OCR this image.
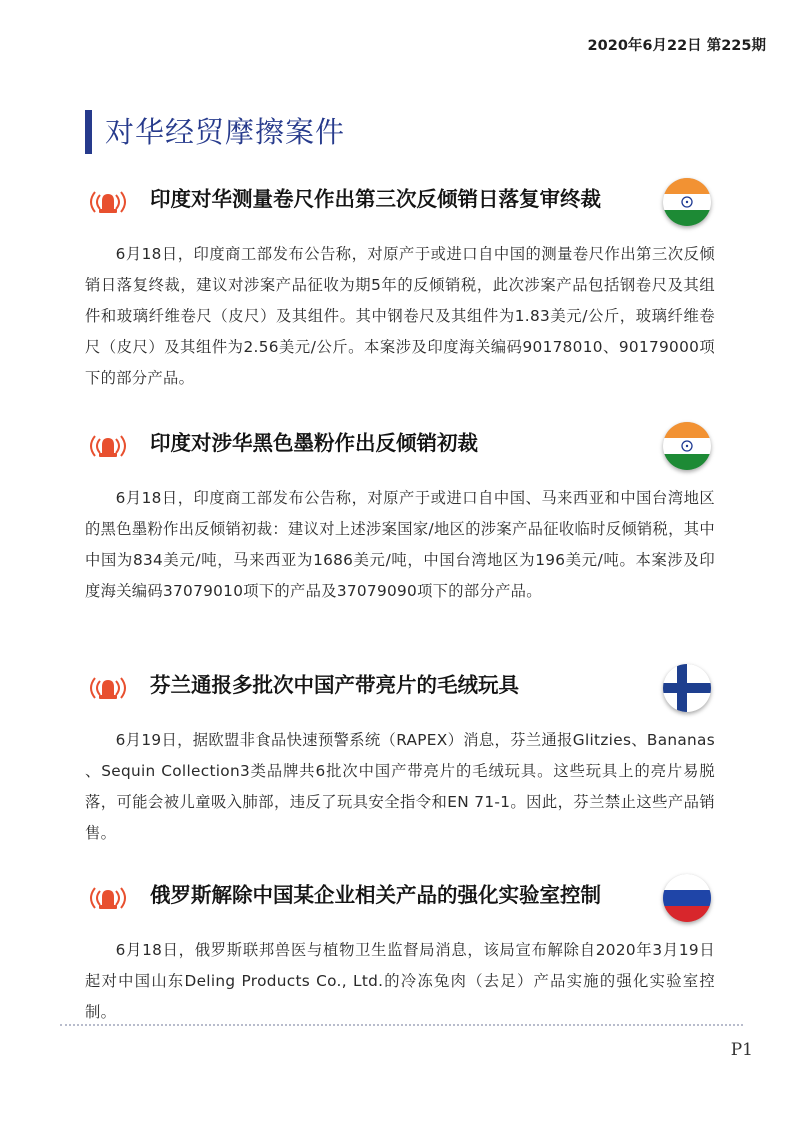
2020年6月22日 第225期
对华经贸摩擦案件
印度对华测量卷尺作出第三次反倾销日落复审终裁

6月18日，印度商工部发布公告称，对原产于或进口自中国的测量卷尺作出第三次反倾销日落复终裁，建议对涉案产品征收为期5年的反倾销税，此次涉案产品包括钢卷尺及其组件和玻璃纤维卷尺（皮尺）及其组件。其中钢卷尺及其组件为1.83美元/公斤，玻璃纤维卷尺（皮尺）及其组件为2.56美元/公斤。本案涉及印度海关编码90178010、90179000项下的部分产品。

印度对涉华黑色墨粉作出反倾销初裁

6月18日，印度商工部发布公告称，对原产于或进口自中国、马来西亚和中国台湾地区的黑色墨粉作出反倾销初裁：建议对上述涉案国家/地区的涉案产品征收临时反倾销税，其中中国为834美元/吨，马来西亚为1686美元/吨，中国台湾地区为196美元/吨。本案涉及印度海关编码37079010项下的产品及37079090项下的部分产品。

芬兰通报多批次中国产带亮片的毛绒玩具

6月19日，据欧盟非食品快速预警系统（RAPEX）消息，芬兰通报Glitzies、Bananas 、Sequin Collection3类品牌共6批次中国产带亮片的毛绒玩具。这些玩具上的亮片易脱落，可能会被儿童吸入肺部，违反了玩具安全指令和EN 71-1。因此，芬兰禁止这些产品销售。

俄罗斯解除中国某企业相关产品的强化实验室控制

6月18日，俄罗斯联邦兽医与植物卫生监督局消息，该局宣布解除自2020年3月19日起对中国山东Deling Products Co., Ltd.的冷冻兔肉（去足）产品实施的强化实验室控制。

P1
